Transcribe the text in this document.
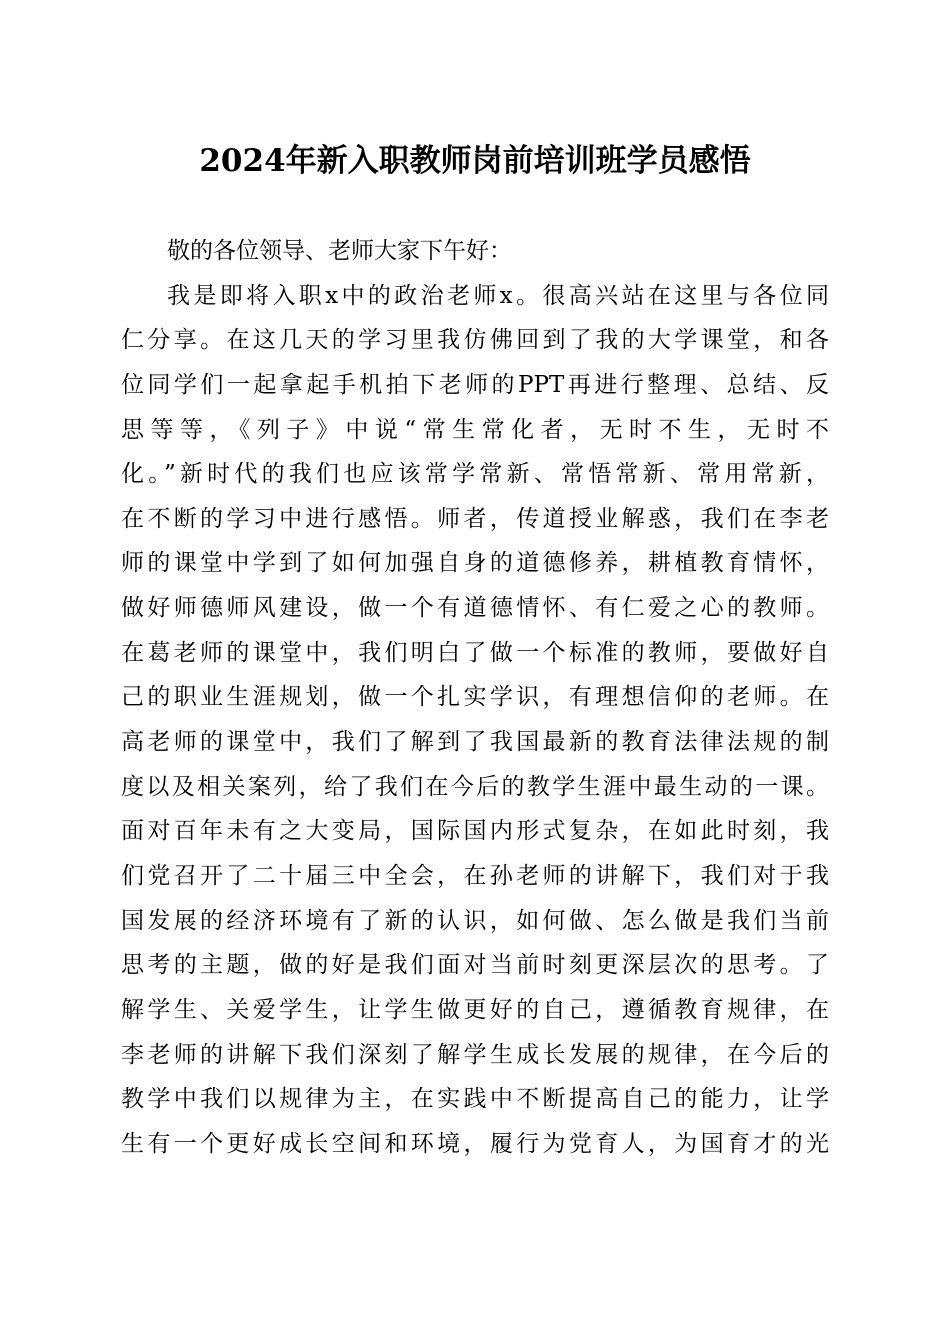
2024年新入职教师岗前培训班学员感悟
敬的各位领导、老师大家下午好：
我是即将入职x中的政治老师x。很高兴站在这里与各位同
仁分享。在这几天的学习里我仿佛回到了我的大学课堂，和各
位同学们一起拿起手机拍下老师的PPT再进行整理、总结、反
思等等，《列子》中说“常生常化者，无时不生，无时不
化。”新时代的我们也应该常学常新、常悟常新、常用常新，
在不断的学习中进行感悟。师者，传道授业解惑，我们在李老
师的课堂中学到了如何加强自身的道德修养，耕植教育情怀，
做好师德师风建设，做一个有道德情怀、有仁爱之心的教师。
在葛老师的课堂中，我们明白了做一个标准的教师，要做好自
己的职业生涯规划，做一个扎实学识，有理想信仰的老师。在
高老师的课堂中，我们了解到了我国最新的教育法律法规的制
度以及相关案列，给了我们在今后的教学生涯中最生动的一课。
面对百年未有之大变局，国际国内形式复杂，在如此时刻，我
们党召开了二十届三中全会，在孙老师的讲解下，我们对于我
国发展的经济环境有了新的认识，如何做、怎么做是我们当前
思考的主题，做的好是我们面对当前时刻更深层次的思考。了
解学生、关爱学生，让学生做更好的自己，遵循教育规律，在
李老师的讲解下我们深刻了解学生成长发展的规律，在今后的
教学中我们以规律为主，在实践中不断提高自己的能力，让学
生有一个更好成长空间和环境，履行为党育人，为国育才的光
